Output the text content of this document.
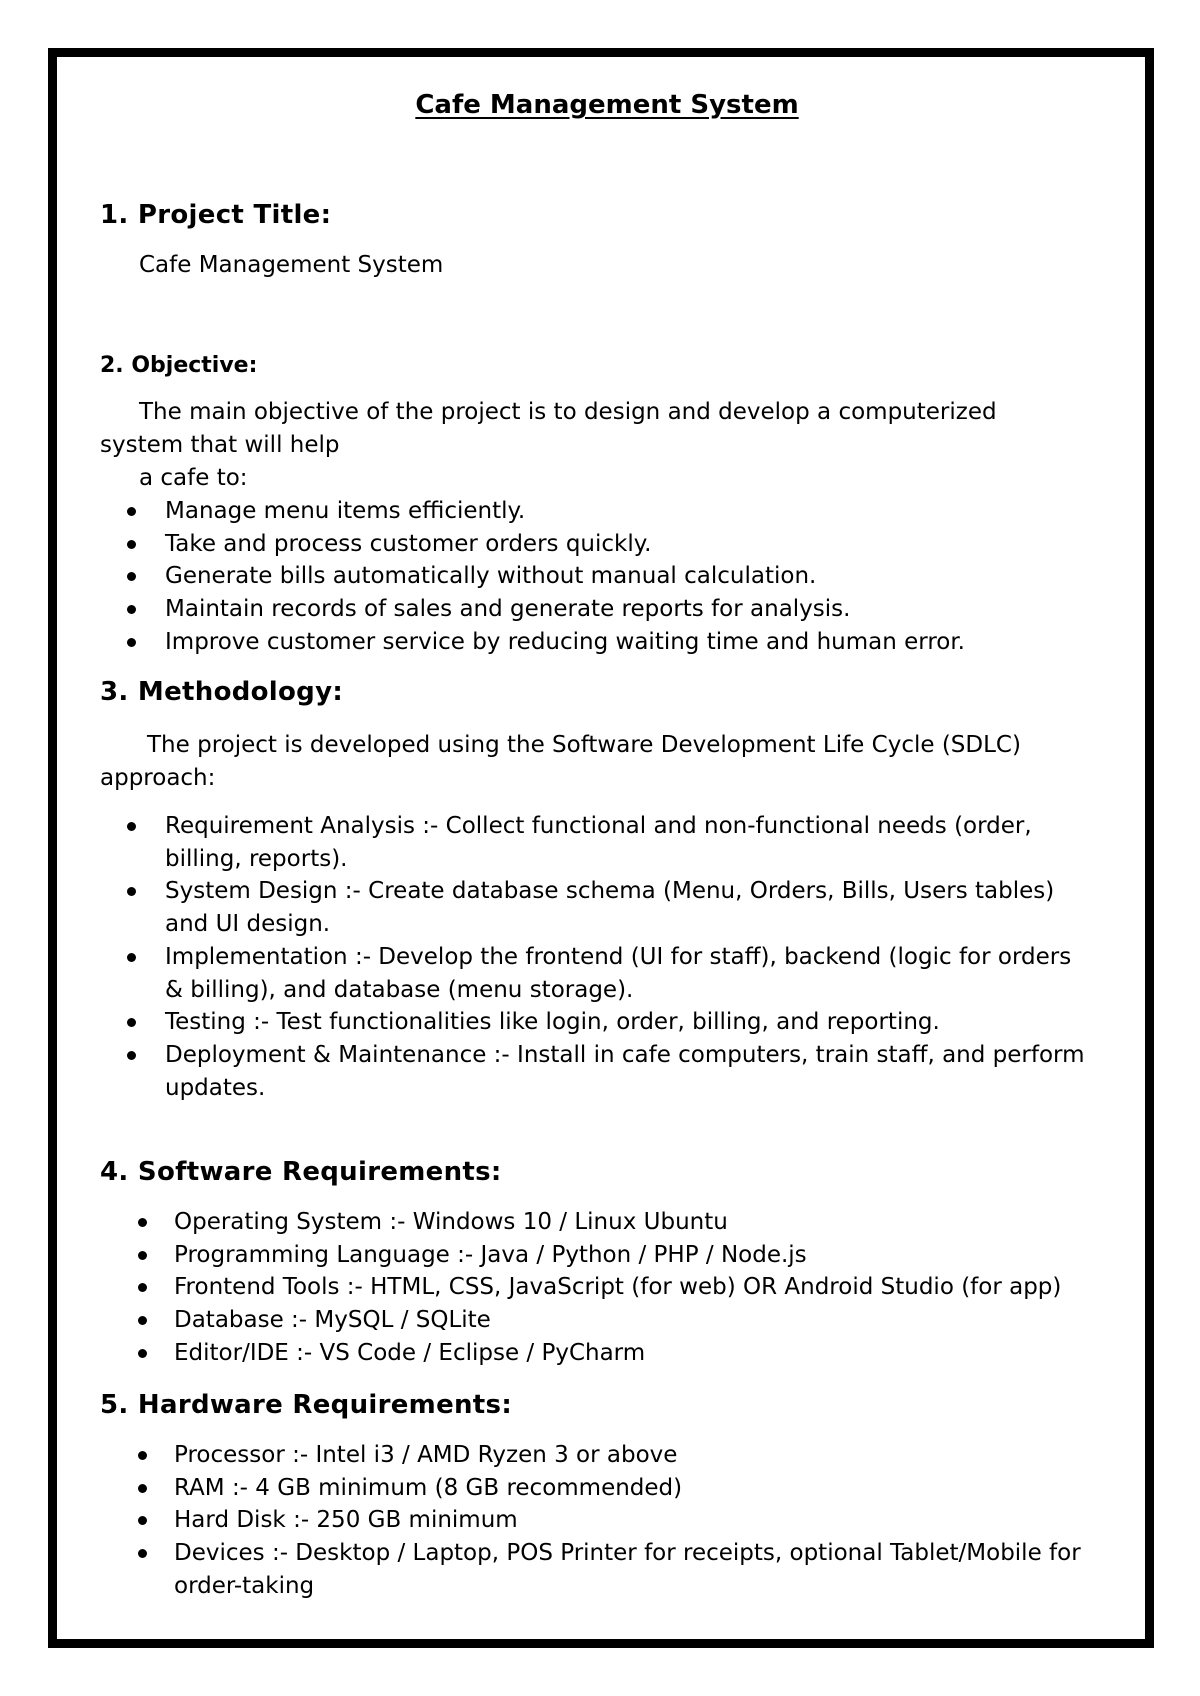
Cafe Management System
1. Project Title:

Cafe Management System

2. Objective:

The main objective of the project is to design and develop a computerized

system that will help

a cafe to:

Manage menu items efficiently.
Take and process customer orders quickly.
Generate bills automatically without manual calculation.
Maintain records of sales and generate reports for analysis.
Improve customer service by reducing waiting time and human error.
3. Methodology:

The project is developed using the Software Development Life Cycle (SDLC)

approach:

Requirement Analysis :- Collect functional and non-functional needs (order, billing, reports).
System Design :- Create database schema (Menu, Orders, Bills, Users tables) and UI design.
Implementation :- Develop the frontend (UI for staff), backend (logic for orders & billing), and database (menu storage).
Testing :- Test functionalities like login, order, billing, and reporting.
Deployment & Maintenance :- Install in cafe computers, train staff, and perform updates.
4. Software Requirements:
Operating System :- Windows 10 / Linux Ubuntu
Programming Language :- Java / Python / PHP / Node.js
Frontend Tools :- HTML, CSS, JavaScript (for web) OR Android Studio (for app)
Database :- MySQL / SQLite
Editor/IDE :- VS Code / Eclipse / PyCharm
5. Hardware Requirements:
Processor :- Intel i3 / AMD Ryzen 3 or above
RAM :- 4 GB minimum (8 GB recommended)
Hard Disk :- 250 GB minimum
Devices :- Desktop / Laptop, POS Printer for receipts, optional Tablet/Mobile for order-taking
